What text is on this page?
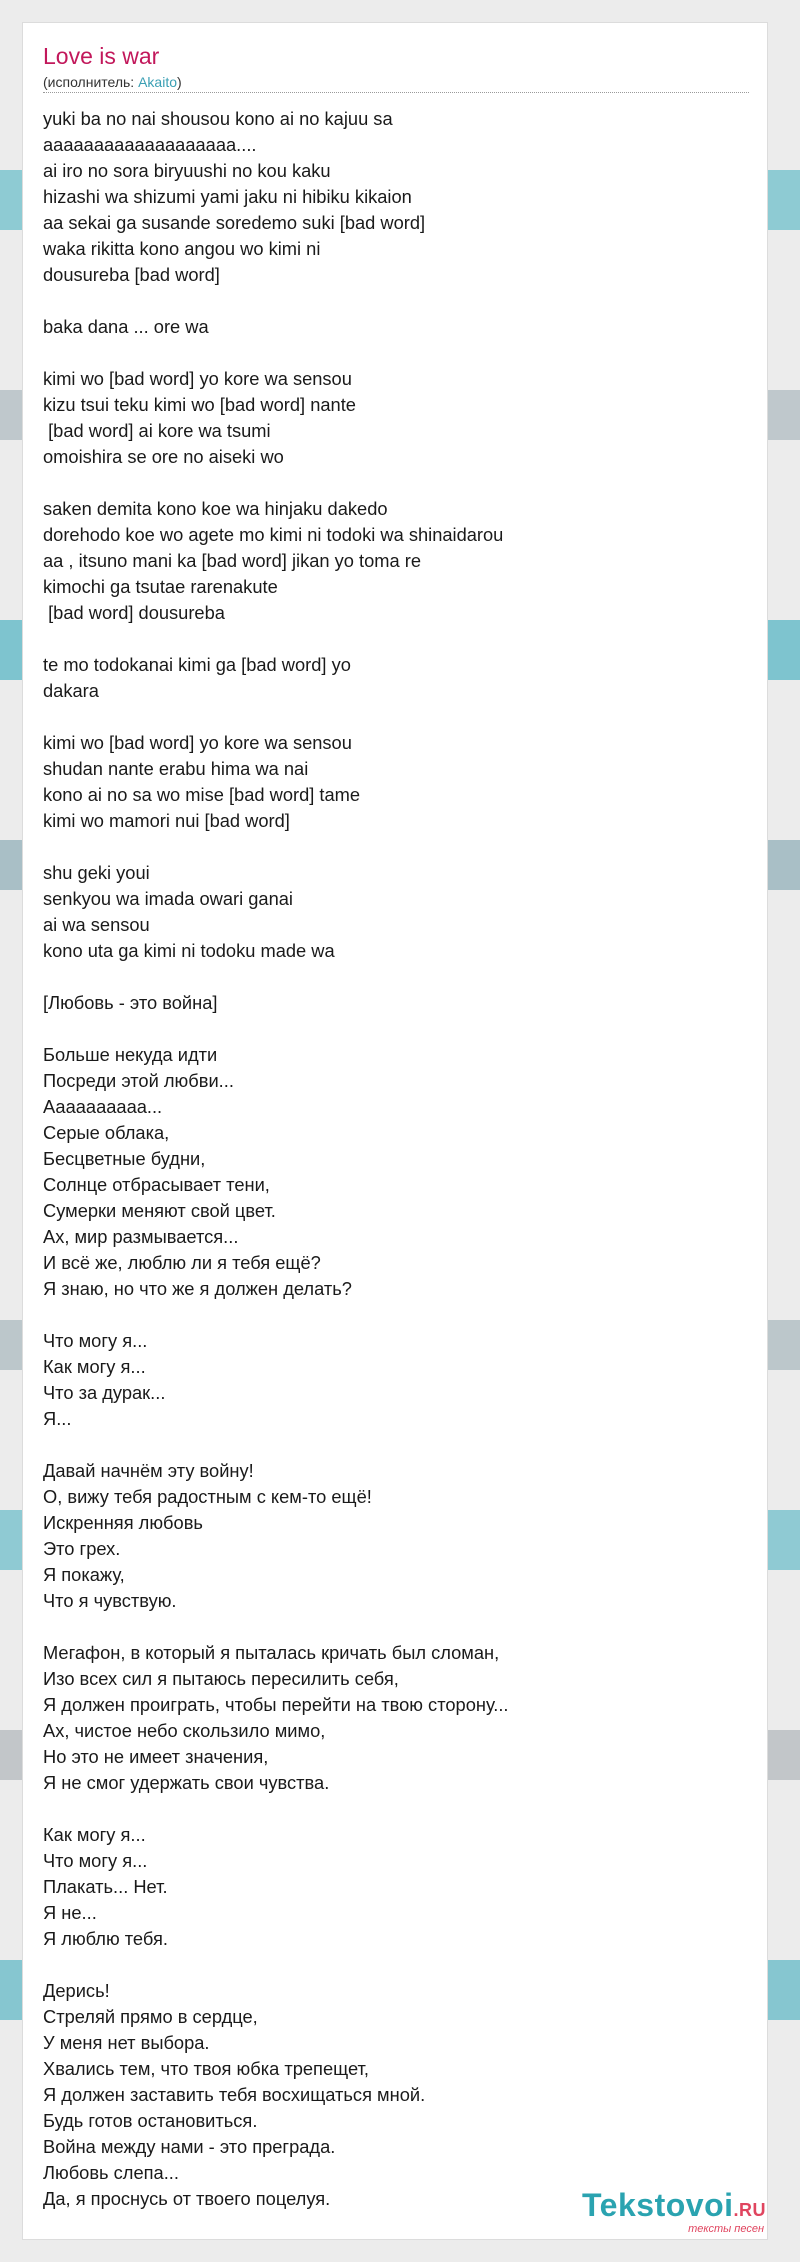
Love is war
(исполнитель: Akaito)
yuki ba no nai shousou kono ai no kajuu sa
aaaaaaaaaaaaaaaaaaa....
ai iro no sora biryuushi no kou kaku
hizashi wa shizumi yami jaku ni hibiku kikaion
aa sekai ga susande soredemo suki [bad word]
waka rikitta kono angou wo kimi ni
dousureba [bad word]
baka dana ... ore wa
kimi wo [bad word] yo kore wa sensou
kizu tsui teku kimi wo [bad word] nante
[bad word] ai kore wa tsumi
omoishira se ore no aiseki wo
saken demita kono koe wa hinjaku dakedo
dorehodo koe wo agete mo kimi ni todoki wa shinaidarou
aa , itsuno mani ka [bad word] jikan yo toma re
kimochi ga tsutae rarenakute
[bad word] dousureba
te mo todokanai kimi ga [bad word] yo
dakara
kimi wo [bad word] yo kore wa sensou
shudan nante erabu hima wa nai
kono ai no sa wo mise [bad word] tame
kimi wo mamori nui [bad word]
shu geki youi
senkyou wa imada owari ganai
ai wa sensou
kono uta ga kimi ni todoku made wa
[Любовь - это война]
Больше некуда идти
Посреди этой любви...
Аааааааааа...
Серые облака,
Бесцветные будни,
Солнце отбрасывает тени,
Сумерки меняют свой цвет.
Ах, мир размывается...
И всё же, люблю ли я тебя ещё?
Я знаю, но что же я должен делать?
Что могу я...
Как могу я...
Что за дурак...
Я...
Давай начнём эту войну!
О, вижу тебя радостным с кем-то ещё!
Искренняя любовь
Это грех.
Я покажу,
Что я чувствую.
Мегафон, в который я пыталась кричать был сломан,
Изо всех сил я пытаюсь пересилить себя,
Я должен проиграть, чтобы перейти на твою сторону...
Ах, чистое небо скользило мимо,
Но это не имеет значения,
Я не смог удержать свои чувства.
Как могу я...
Что могу я...
Плакать... Нет.
Я не...
Я люблю тебя.
Дерись!
Стреляй прямо в сердце,
У меня нет выбора.
Хвались тем, что твоя юбка трепещет,
Я должен заставить тебя восхищаться мной.
Будь готов остановиться.
Война между нами - это преграда.
Любовь слепа...
Да, я проснусь от твоего поцелуя.	Tekstovoi.RU
тексты песен
